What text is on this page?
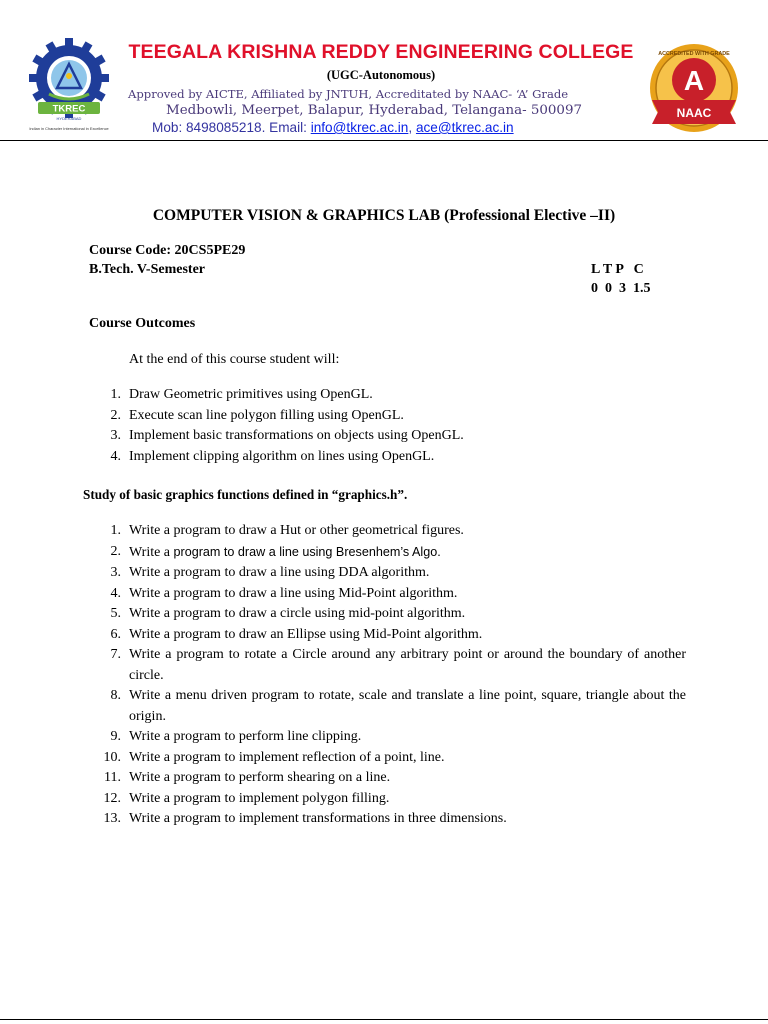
TKREC
HYDERABAD
Indian in Character International in Excellence
TEEGALA KRISHNA REDDY ENGINEERING COLLEGE
(UGC-Autonomous)
Approved by AICTE, Affiliated by JNTUH, Accreditated by NAAC- ‘A’ Grade
Medbowli, Meerpet, Balapur, Hyderabad, Telangana- 500097
Mob: 8498085218. Email: info@tkrec.ac.in, ace@tkrec.ac.in
A
NAAC
ACCREDITED WITH GRADE
COMPUTER VISION & GRAPHICS LAB (Professional Elective –II)
Course Code: 20CS5PE29
B.Tech. V-Semester	L T P   C
0  0  3  1.5
Course Outcomes
At the end of this course student will:
1. Draw Geometric primitives using OpenGL.
2. Execute scan line polygon filling using OpenGL.
3. Implement basic transformations on objects using OpenGL.
4. Implement clipping algorithm on lines using OpenGL.
Study of basic graphics functions defined in “graphics.h”.
1. Write a program to draw a Hut or other geometrical figures.
2. Write a program to draw a line using Bresenhem’s Algo.
3. Write a program to draw a line using DDA algorithm.
4. Write a program to draw a line using Mid-Point algorithm.
5. Write a program to draw a circle using mid-point algorithm.
6. Write a program to draw an Ellipse using Mid-Point algorithm.
7. Write a program to rotate a Circle around any arbitrary point or around the boundary of another circle.
8. Write a menu driven program to rotate, scale and translate a line point, square, triangle about the origin.
9. Write a program to perform line clipping.
10. Write a program to implement reflection of a point, line.
11. Write a program to perform shearing on a line.
12. Write a program to implement polygon filling.
13. Write a program to implement transformations in three dimensions.
